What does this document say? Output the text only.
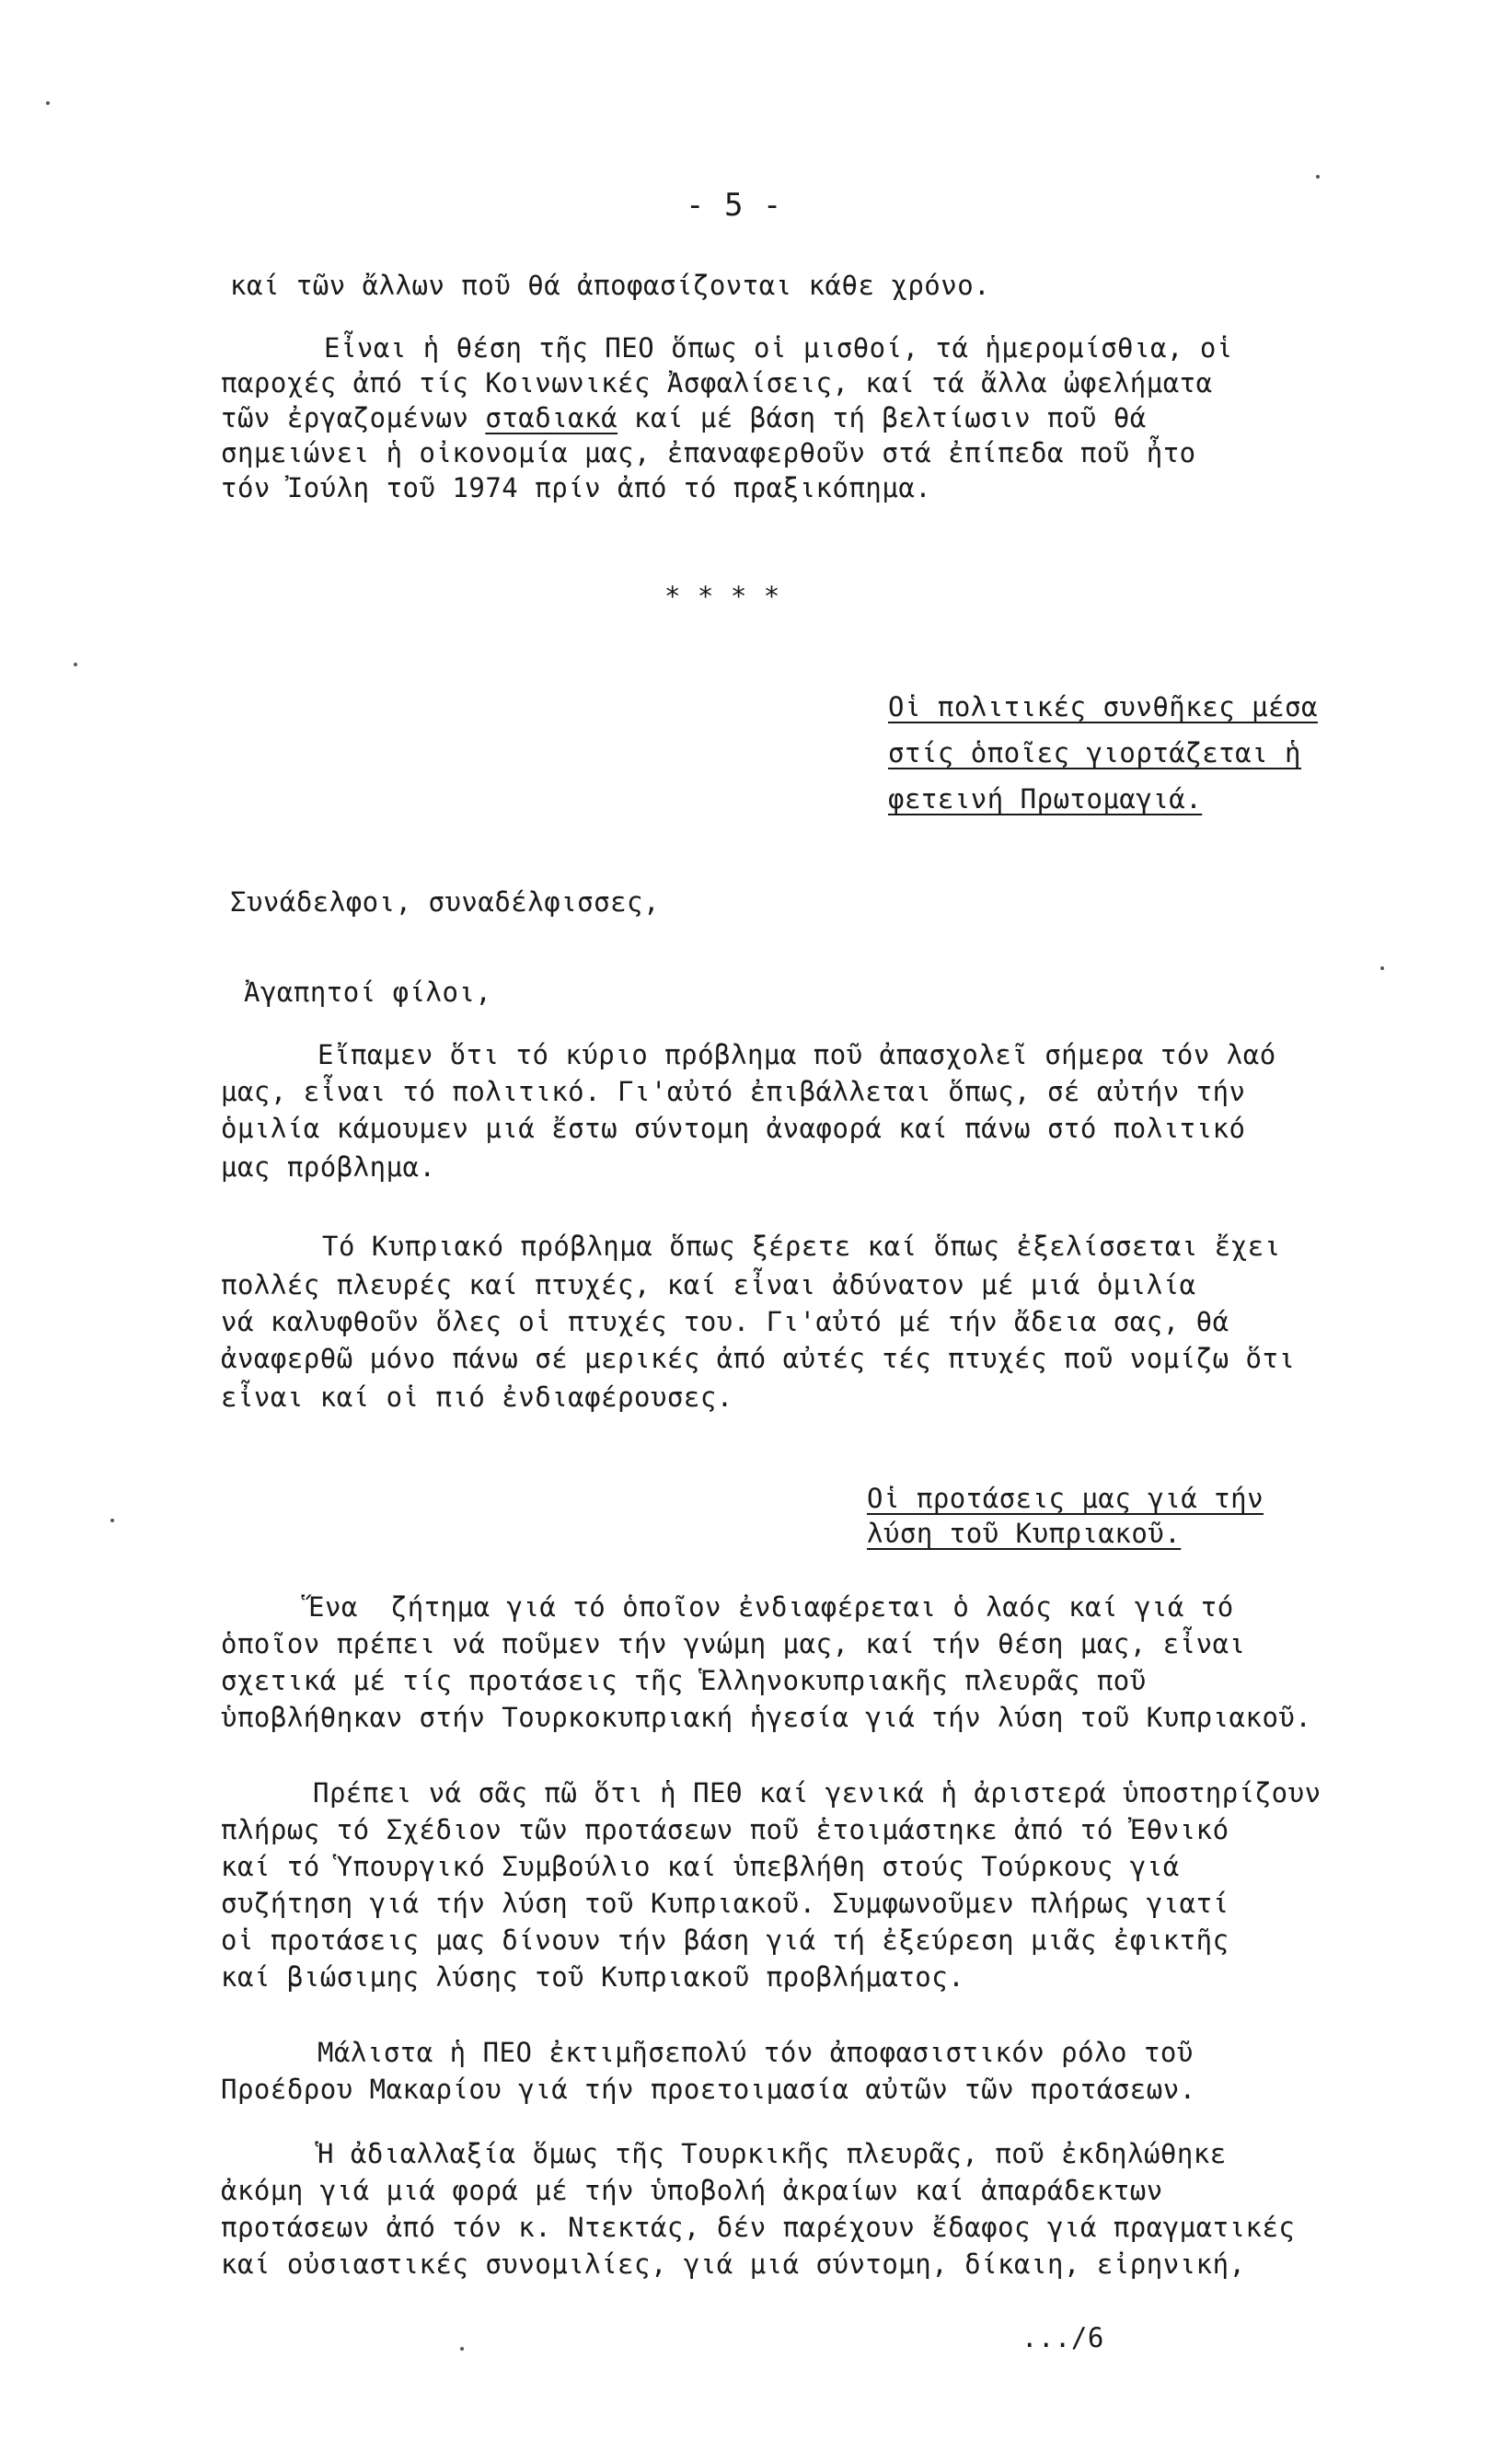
- 5 -
καί τῶν ἄλλων ποῦ θά ἀποφασίζονται κάθε χρόνο.
Εἶναι ἡ θέση τῆς ΠΕΟ ὅπως οἱ μισθοί, τά ἡμερομίσθια, οἱ
παροχές ἀπό τίς Κοινωνικές Ἀσφαλίσεις, καί τά ἄλλα ὠφελήματα
τῶν ἐργαζομένων σταδιακά καί μέ βάση τή βελτίωσιν ποῦ θά
σημειώνει ἡ οἰκονομία μας, ἐπαναφερθοῦν στά ἐπίπεδα ποῦ ἦτο
τόν Ἰούλη τοῦ 1974 πρίν ἀπό τό πραξικόπημα.
* * * *
Οἱ πολιτικές συνθῆκες μέσα
στίς ὁποῖες γιορτάζεται ἡ
φετεινή Πρωτομαγιά.
Συνάδελφοι, συναδέλφισσες,
Ἀγαπητοί φίλοι,
Εἴπαμεν ὅτι τό κύριο πρόβλημα ποῦ ἀπασχολεῖ σήμερα τόν λαό
μας, εἶναι τό πολιτικό. Γι'αὐτό ἐπιβάλλεται ὅπως, σέ αὐτήν τήν
ὁμιλία κάμουμεν μιά ἔστω σύντομη ἀναφορά καί πάνω στό πολιτικό
μας πρόβλημα.
Τό Κυπριακό πρόβλημα ὅπως ξέρετε καί ὅπως ἐξελίσσεται ἔχει
πολλές πλευρές καί πτυχές, καί εἶναι ἀδύνατον μέ μιά ὁμιλία
νά καλυφθοῦν ὅλες οἱ πτυχές του. Γι'αὐτό μέ τήν ἄδεια σας, θά
ἀναφερθῶ μόνο πάνω σέ μερικές ἀπό αὐτές τές πτυχές ποῦ νομίζω ὅτι
εἶναι καί οἱ πιό ἐνδιαφέρουσες.
Οἱ προτάσεις μας γιά τήν
λύση τοῦ Κυπριακοῦ.
Ἕνα  ζήτημα γιά τό ὁποῖον ἐνδιαφέρεται ὁ λαός καί γιά τό
ὁποῖον πρέπει νά ποῦμεν τήν γνώμη μας, καί τήν θέση μας, εἶναι
σχετικά μέ τίς προτάσεις τῆς Ἑλληνοκυπριακῆς πλευρᾶς ποῦ
ὑποβλήθηκαν στήν Τουρκοκυπριακή ἡγεσία γιά τήν λύση τοῦ Κυπριακοῦ.
Πρέπει νά σᾶς πῶ ὅτι ἡ ΠΕΘ καί γενικά ἡ ἀριστερά ὑποστηρίζουν
πλήρως τό Σχέδιον τῶν προτάσεων ποῦ ἑτοιμάστηκε ἀπό τό Ἐθνικό
καί τό Ὑπουργικό Συμβούλιο καί ὑπεβλήθη στούς Τούρκους γιά
συζήτηση γιά τήν λύση τοῦ Κυπριακοῦ. Συμφωνοῦμεν πλήρως γιατί
οἱ προτάσεις μας δίνουν τήν βάση γιά τή ἐξεύρεση μιᾶς ἐφικτῆς
καί βιώσιμης λύσης τοῦ Κυπριακοῦ προβλήματος.
Μάλιστα ἡ ΠΕΟ ἐκτιμῆσεπολύ τόν ἀποφασιστικόν ρόλο τοῦ
Προέδρου Μακαρίου γιά τήν προετοιμασία αὐτῶν τῶν προτάσεων.
Ἡ ἀδιαλλαξία ὅμως τῆς Τουρκικῆς πλευρᾶς, ποῦ ἐκδηλώθηκε
ἀκόμη γιά μιά φορά μέ τήν ὑποβολή ἀκραίων καί ἀπαράδεκτων
προτάσεων ἀπό τόν κ. Ντεκτάς, δέν παρέχουν ἔδαφος γιά πραγματικές
καί οὐσιαστικές συνομιλίες, γιά μιά σύντομη, δίκαιη, εἰρηνική,
.../6
